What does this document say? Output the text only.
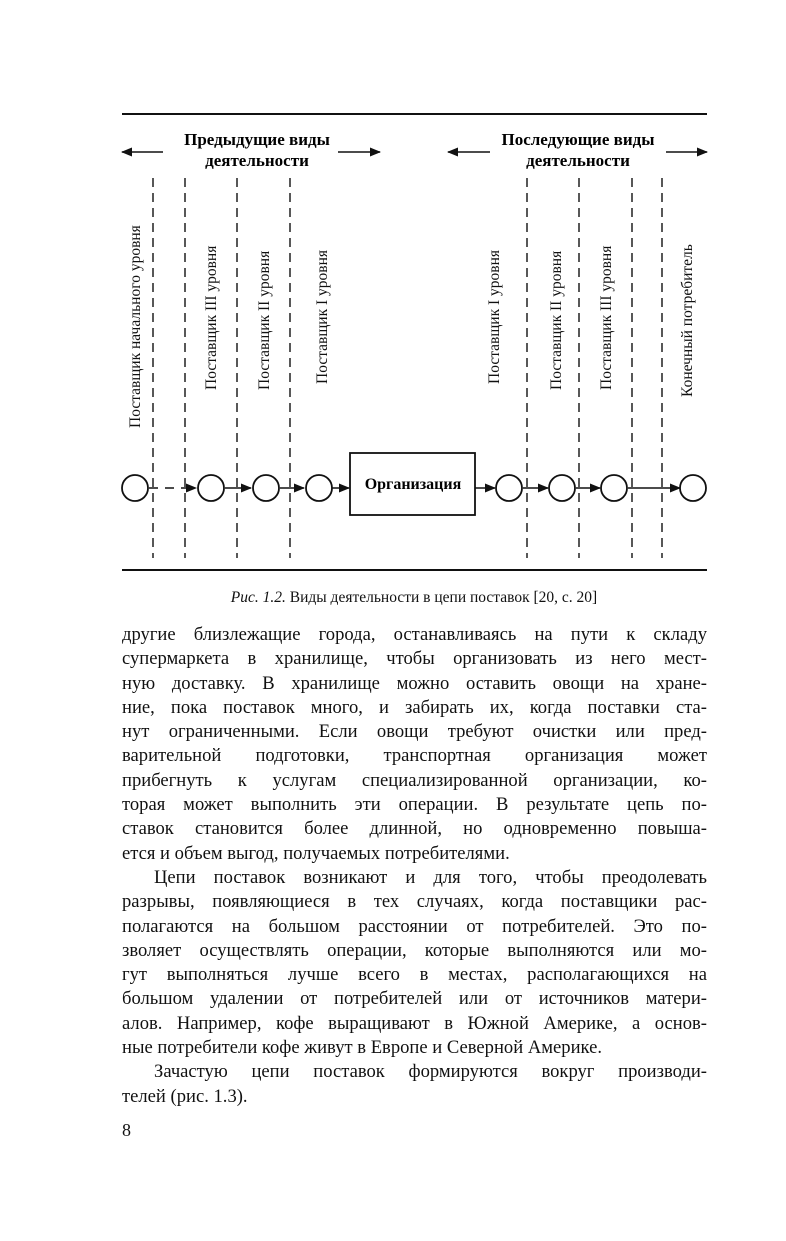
Предыдущие виды
деятельности
Последующие виды
деятельности
Поставщик начального уровня	Поставщик III уровня Поставщик II уровня	Поставщик I уровня	Поставщик I уровня	Поставщик II уровня Поставщик III уровня	Конечный потребитель
Организация
Рис. 1.2. Виды деятельности в цепи поставок [20, с. 20]
другие близлежащие города, останавливаясь на пути к складу
супермаркета в хранилище, чтобы организовать из него мест-
ную доставку. В хранилище можно оставить овощи на хране-
ние, пока поставок много, и забирать их, когда поставки ста-
нут ограниченными. Если овощи требуют очистки или пред-
варительной подготовки, транспортная организация может
прибегнуть к услугам специализированной организации, ко-
торая может выполнить эти операции. В результате цепь по-
ставок становится более длинной, но одновременно повыша-
ется и объем выгод, получаемых потребителями.
Цепи поставок возникают и для того, чтобы преодолевать
разрывы, появляющиеся в тех случаях, когда поставщики рас-
полагаются на большом расстоянии от потребителей. Это по-
зволяет осуществлять операции, которые выполняются или мо-
гут выполняться лучше всего в местах, располагающихся на
большом удалении от потребителей или от источников матери-
алов. Например, кофе выращивают в Южной Америке, а основ-
ные потребители кофе живут в Европе и Северной Америке.
Зачастую цепи поставок формируются вокруг производи-
телей (рис. 1.3).
8
